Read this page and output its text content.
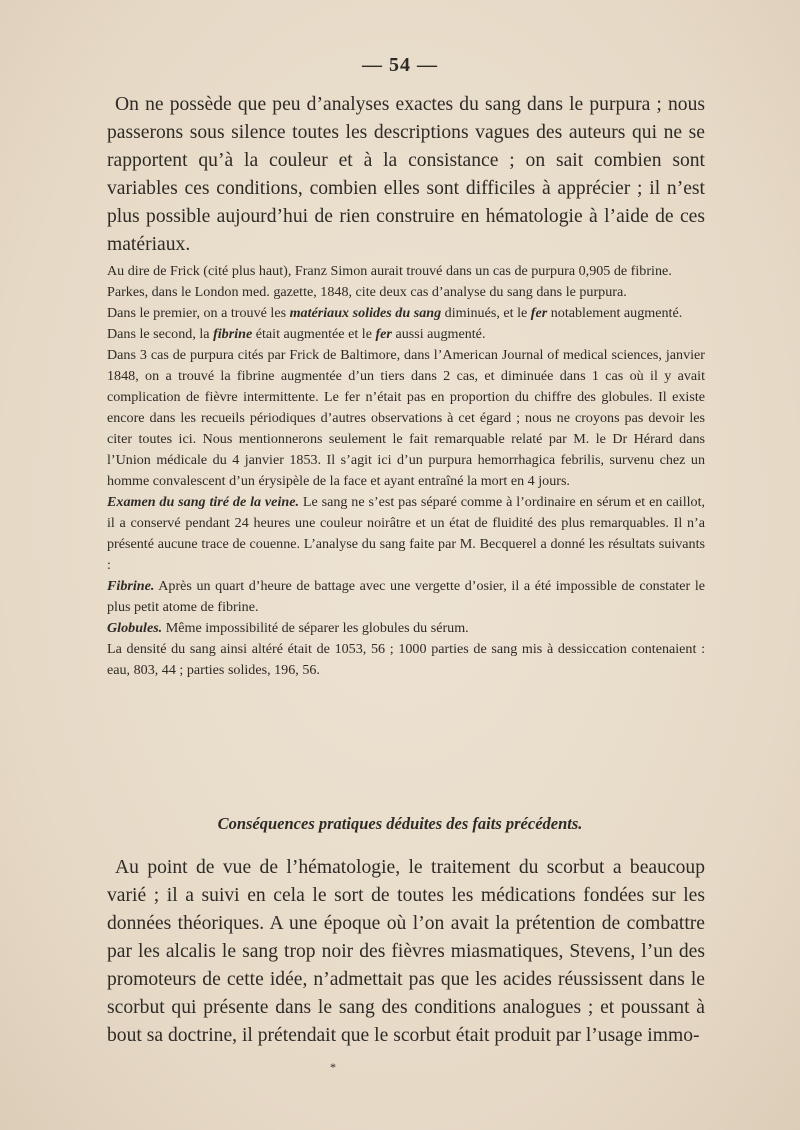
— 54 —

On ne possède que peu d’analyses exactes du sang dans le purpura ; nous passerons sous silence toutes les descriptions vagues des auteurs qui ne se rapportent qu’à la couleur et à la consistance ; on sait combien sont variables ces conditions, combien elles sont difficiles à apprécier ; il n’est plus possible aujourd’hui de rien construire en hématologie à l’aide de ces matériaux.

Au dire de Frick (cité plus haut), Franz Simon aurait trouvé dans un cas de purpura 0,905 de fibrine.

Parkes, dans le London med. gazette, 1848, cite deux cas d’analyse du sang dans le purpura.

Dans le premier, on a trouvé les matériaux solides du sang diminués, et le fer notablement augmenté.

Dans le second, la fibrine était augmentée et le fer aussi augmenté.

Dans 3 cas de purpura cités par Frick de Baltimore, dans l’American Journal of medical sciences, janvier 1848, on a trouvé la fibrine augmentée d’un tiers dans 2 cas, et diminuée dans 1 cas où il y avait complication de fièvre intermittente. Le fer n’était pas en proportion du chiffre des globules. Il existe encore dans les recueils périodiques d’autres observations à cet égard ; nous ne croyons pas devoir les citer toutes ici. Nous mentionnerons seulement le fait remarquable relaté par M. le Dr Hérard dans l’Union médicale du 4 janvier 1853. Il s’agit ici d’un purpura hemorrhagica febrilis, survenu chez un homme convalescent d’un érysipèle de la face et ayant entraîné la mort en 4 jours.

Examen du sang tiré de la veine. Le sang ne s’est pas séparé comme à l’ordinaire en sérum et en caillot, il a conservé pendant 24 heures une couleur noirâtre et un état de fluidité des plus remarquables. Il n’a présenté aucune trace de couenne. L’analyse du sang faite par M. Becquerel a donné les résultats suivants :

Fibrine. Après un quart d’heure de battage avec une vergette d’osier, il a été impossible de constater le plus petit atome de fibrine.

Globules. Même impossibilité de séparer les globules du sérum.

La densité du sang ainsi altéré était de 1053, 56 ; 1000 parties de sang mis à dessiccation contenaient : eau, 803, 44 ; parties solides, 196, 56.

Conséquences pratiques déduites des faits précédents.

Au point de vue de l’hématologie, le traitement du scorbut a beaucoup varié ; il a suivi en cela le sort de toutes les médications fondées sur les données théoriques. A une époque où l’on avait la prétention de combattre par les alcalis le sang trop noir des fièvres miasmatiques, Stevens, l’un des promoteurs de cette idée, n’admettait pas que les acides réussissent dans le scorbut qui présente dans le sang des conditions analogues ; et poussant à bout sa doctrine, il prétendait que le scorbut était produit par l’usage immo-

*
